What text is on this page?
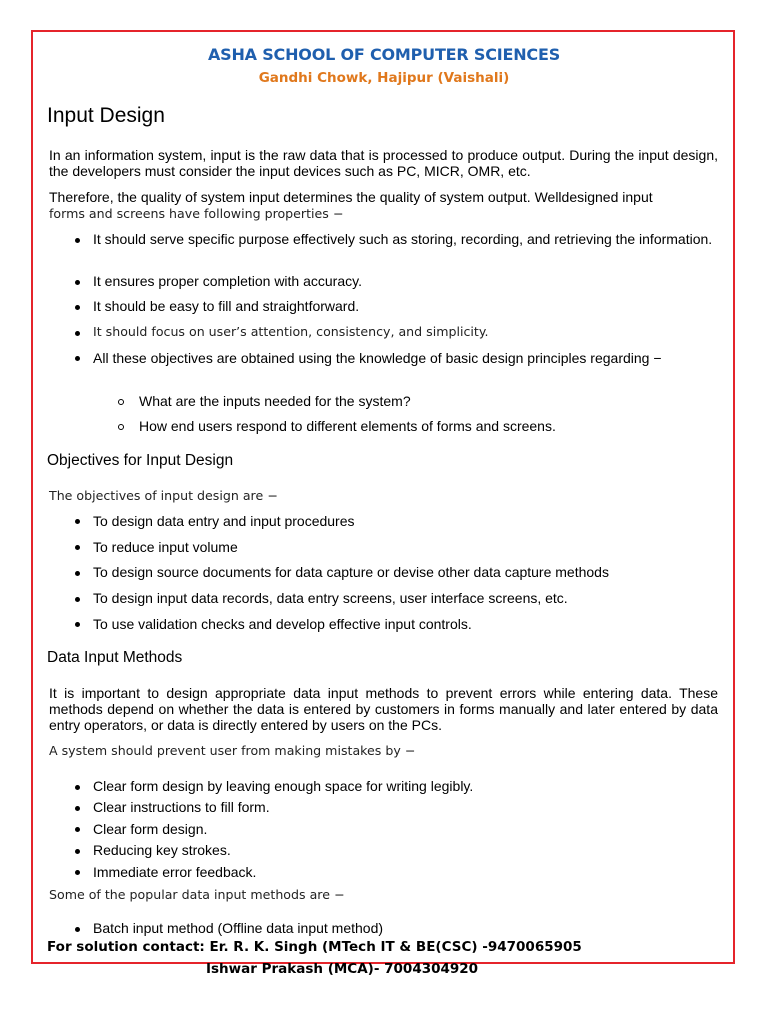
ASHA SCHOOL OF COMPUTER SCIENCES
Gandhi Chowk, Hajipur (Vaishali)
Input Design

In an information system, input is the raw data that is processed to produce output. During the input design, the developers must consider the input devices such as PC, MICR, OMR, etc.

Therefore, the quality of system input determines the quality of system output. Welldesigned input

forms and screens have following properties −

It should serve specific purpose effectively such as storing, recording, and retrieving the information.
It ensures proper completion with accuracy.
It should be easy to fill and straightforward.
It should focus on user’s attention, consistency, and simplicity.
All these objectives are obtained using the knowledge of basic design principles regarding −
What are the inputs needed for the system?
How end users respond to different elements of forms and screens.
Objectives for Input Design

The objectives of input design are −

To design data entry and input procedures
To reduce input volume
To design source documents for data capture or devise other data capture methods
To design input data records, data entry screens, user interface screens, etc.
To use validation checks and develop effective input controls.
Data Input Methods

It is important to design appropriate data input methods to prevent errors while entering data. These methods depend on whether the data is entered by customers in forms manually and later entered by data entry operators, or data is directly entered by users on the PCs.

A system should prevent user from making mistakes by −

Clear form design by leaving enough space for writing legibly.
Clear instructions to fill form.
Clear form design.
Reducing key strokes.
Immediate error feedback.

Some of the popular data input methods are −

Batch input method (Offline data input method)
For solution contact: Er. R. K. Singh (MTech IT & BE(CSC) -9470065905
Ishwar Prakash (MCA)- 7004304920
